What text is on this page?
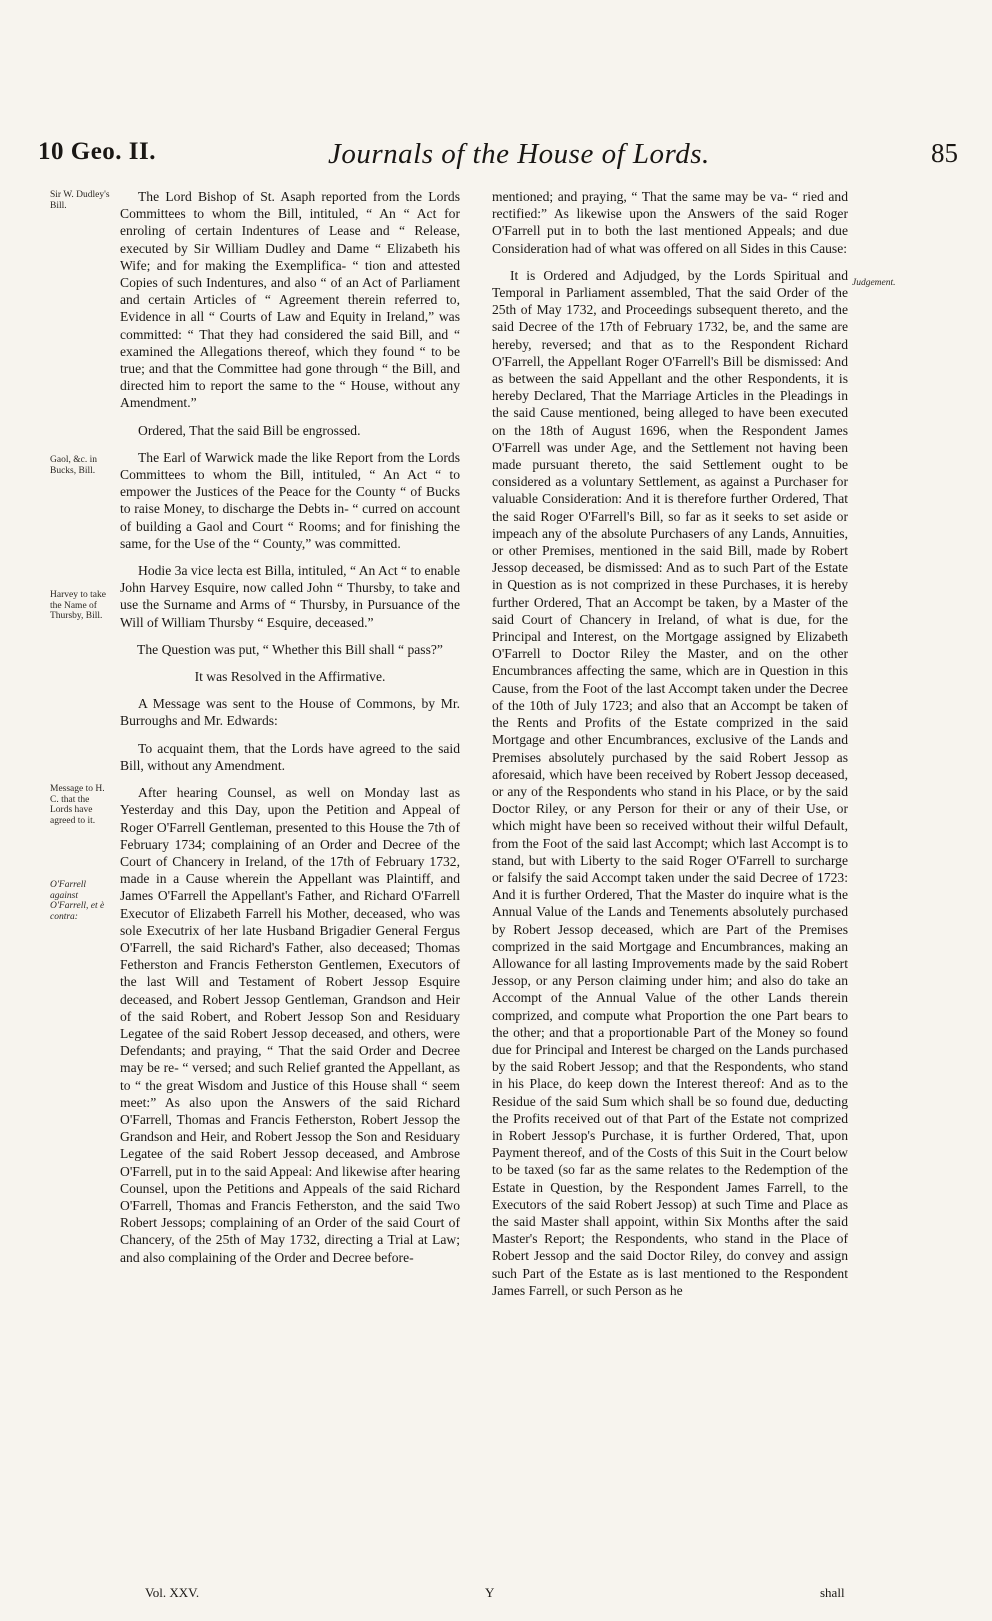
10 Geo. II.	Journals of the House of Lords.	85
Sir W. Dudley's Bill.
Gaol, &c. in Bucks, Bill.
Harvey to take the Name of Thursby, Bill.
Message to H. C. that the Lords have agreed to it.
O'Farrell against O'Farrell, et è contra:
Judgement.

The Lord Bishop of St. Asaph reported from the Lords Committees to whom the Bill, intituled, “ An “ Act for enroling of certain Indentures of Lease and “ Release, executed by Sir William Dudley and Dame “ Elizabeth his Wife; and for making the Exemplifica- “ tion and attested Copies of such Indentures, and also “ of an Act of Parliament and certain Articles of “ Agreement therein referred to, Evidence in all “ Courts of Law and Equity in Ireland,” was committed: “ That they had considered the said Bill, and “ examined the Allegations thereof, which they found “ to be true; and that the Committee had gone through “ the Bill, and directed him to report the same to the “ House, without any Amendment.”

Ordered, That the said Bill be engrossed.

The Earl of Warwick made the like Report from the Lords Committees to whom the Bill, intituled, “ An Act “ to empower the Justices of the Peace for the County “ of Bucks to raise Money, to discharge the Debts in- “ curred on account of building a Gaol and Court “ Rooms; and for finishing the same, for the Use of the “ County,” was committed.

Hodie 3a vice lecta est Billa, intituled, “ An Act “ to enable John Harvey Esquire, now called John “ Thursby, to take and use the Surname and Arms of “ Thursby, in Pursuance of the Will of William Thursby “ Esquire, deceased.”

The Question was put, “ Whether this Bill shall “ pass?”

It was Resolved in the Affirmative.

A Message was sent to the House of Commons, by Mr. Burroughs and Mr. Edwards:

To acquaint them, that the Lords have agreed to the said Bill, without any Amendment.

After hearing Counsel, as well on Monday last as Yesterday and this Day, upon the Petition and Appeal of Roger O'Farrell Gentleman, presented to this House the 7th of February 1734; complaining of an Order and Decree of the Court of Chancery in Ireland, of the 17th of February 1732, made in a Cause wherein the Appellant was Plaintiff, and James O'Farrell the Appellant's Father, and Richard O'Farrell Executor of Elizabeth Farrell his Mother, deceased, who was sole Executrix of her late Husband Brigadier General Fergus O'Farrell, the said Richard's Father, also deceased; Thomas Fetherston and Francis Fetherston Gentlemen, Executors of the last Will and Testament of Robert Jessop Esquire deceased, and Robert Jessop Gentleman, Grandson and Heir of the said Robert, and Robert Jessop Son and Residuary Legatee of the said Robert Jessop deceased, and others, were Defendants; and praying, “ That the said Order and Decree may be re- “ versed; and such Relief granted the Appellant, as to “ the great Wisdom and Justice of this House shall “ seem meet:” As also upon the Answers of the said Richard O'Farrell, Thomas and Francis Fetherston, Robert Jessop the Grandson and Heir, and Robert Jessop the Son and Residuary Legatee of the said Robert Jessop deceased, and Ambrose O'Farrell, put in to the said Appeal: And likewise after hearing Counsel, upon the Petitions and Appeals of the said Richard O'Farrell, Thomas and Francis Fetherston, and the said Two Robert Jessops; complaining of an Order of the said Court of Chancery, of the 25th of May 1732, directing a Trial at Law; and also complaining of the Order and Decree before-

mentioned; and praying, “ That the same may be va- “ ried and rectified:” As likewise upon the Answers of the said Roger O'Farrell put in to both the last mentioned Appeals; and due Consideration had of what was offered on all Sides in this Cause:

It is Ordered and Adjudged, by the Lords Spiritual and Temporal in Parliament assembled, That the said Order of the 25th of May 1732, and Proceedings subsequent thereto, and the said Decree of the 17th of February 1732, be, and the same are hereby, reversed; and that as to the Respondent Richard O'Farrell, the Appellant Roger O'Farrell's Bill be dismissed: And as between the said Appellant and the other Respondents, it is hereby Declared, That the Marriage Articles in the Pleadings in the said Cause mentioned, being alleged to have been executed on the 18th of August 1696, when the Respondent James O'Farrell was under Age, and the Settlement not having been made pursuant thereto, the said Settlement ought to be considered as a voluntary Settlement, as against a Purchaser for valuable Consideration: And it is therefore further Ordered, That the said Roger O'Farrell's Bill, so far as it seeks to set aside or impeach any of the absolute Purchasers of any Lands, Annuities, or other Premises, mentioned in the said Bill, made by Robert Jessop deceased, be dismissed: And as to such Part of the Estate in Question as is not comprized in these Purchases, it is hereby further Ordered, That an Accompt be taken, by a Master of the said Court of Chancery in Ireland, of what is due, for the Principal and Interest, on the Mortgage assigned by Elizabeth O'Farrell to Doctor Riley the Master, and on the other Encumbrances affecting the same, which are in Question in this Cause, from the Foot of the last Accompt taken under the Decree of the 10th of July 1723; and also that an Accompt be taken of the Rents and Profits of the Estate comprized in the said Mortgage and other Encumbrances, exclusive of the Lands and Premises absolutely purchased by the said Robert Jessop as aforesaid, which have been received by Robert Jessop deceased, or any of the Respondents who stand in his Place, or by the said Doctor Riley, or any Person for their or any of their Use, or which might have been so received without their wilful Default, from the Foot of the said last Accompt; which last Accompt is to stand, but with Liberty to the said Roger O'Farrell to surcharge or falsify the said Accompt taken under the said Decree of 1723: And it is further Ordered, That the Master do inquire what is the Annual Value of the Lands and Tenements absolutely purchased by Robert Jessop deceased, which are Part of the Premises comprized in the said Mortgage and Encumbrances, making an Allowance for all lasting Improvements made by the said Robert Jessop, or any Person claiming under him; and also do take an Accompt of the Annual Value of the other Lands therein comprized, and compute what Proportion the one Part bears to the other; and that a proportionable Part of the Money so found due for Principal and Interest be charged on the Lands purchased by the said Robert Jessop; and that the Respondents, who stand in his Place, do keep down the Interest thereof: And as to the Residue of the said Sum which shall be so found due, deducting the Profits received out of that Part of the Estate not comprized in Robert Jessop's Purchase, it is further Ordered, That, upon Payment thereof, and of the Costs of this Suit in the Court below to be taxed (so far as the same relates to the Redemption of the Estate in Question, by the Respondent James Farrell, to the Executors of the said Robert Jessop) at such Time and Place as the said Master shall appoint, within Six Months after the said Master's Report; the Respondents, who stand in the Place of Robert Jessop and the said Doctor Riley, do convey and assign such Part of the Estate as is last mentioned to the Respondent James Farrell, or such Person as he

Vol. XXV.	Y	shall
